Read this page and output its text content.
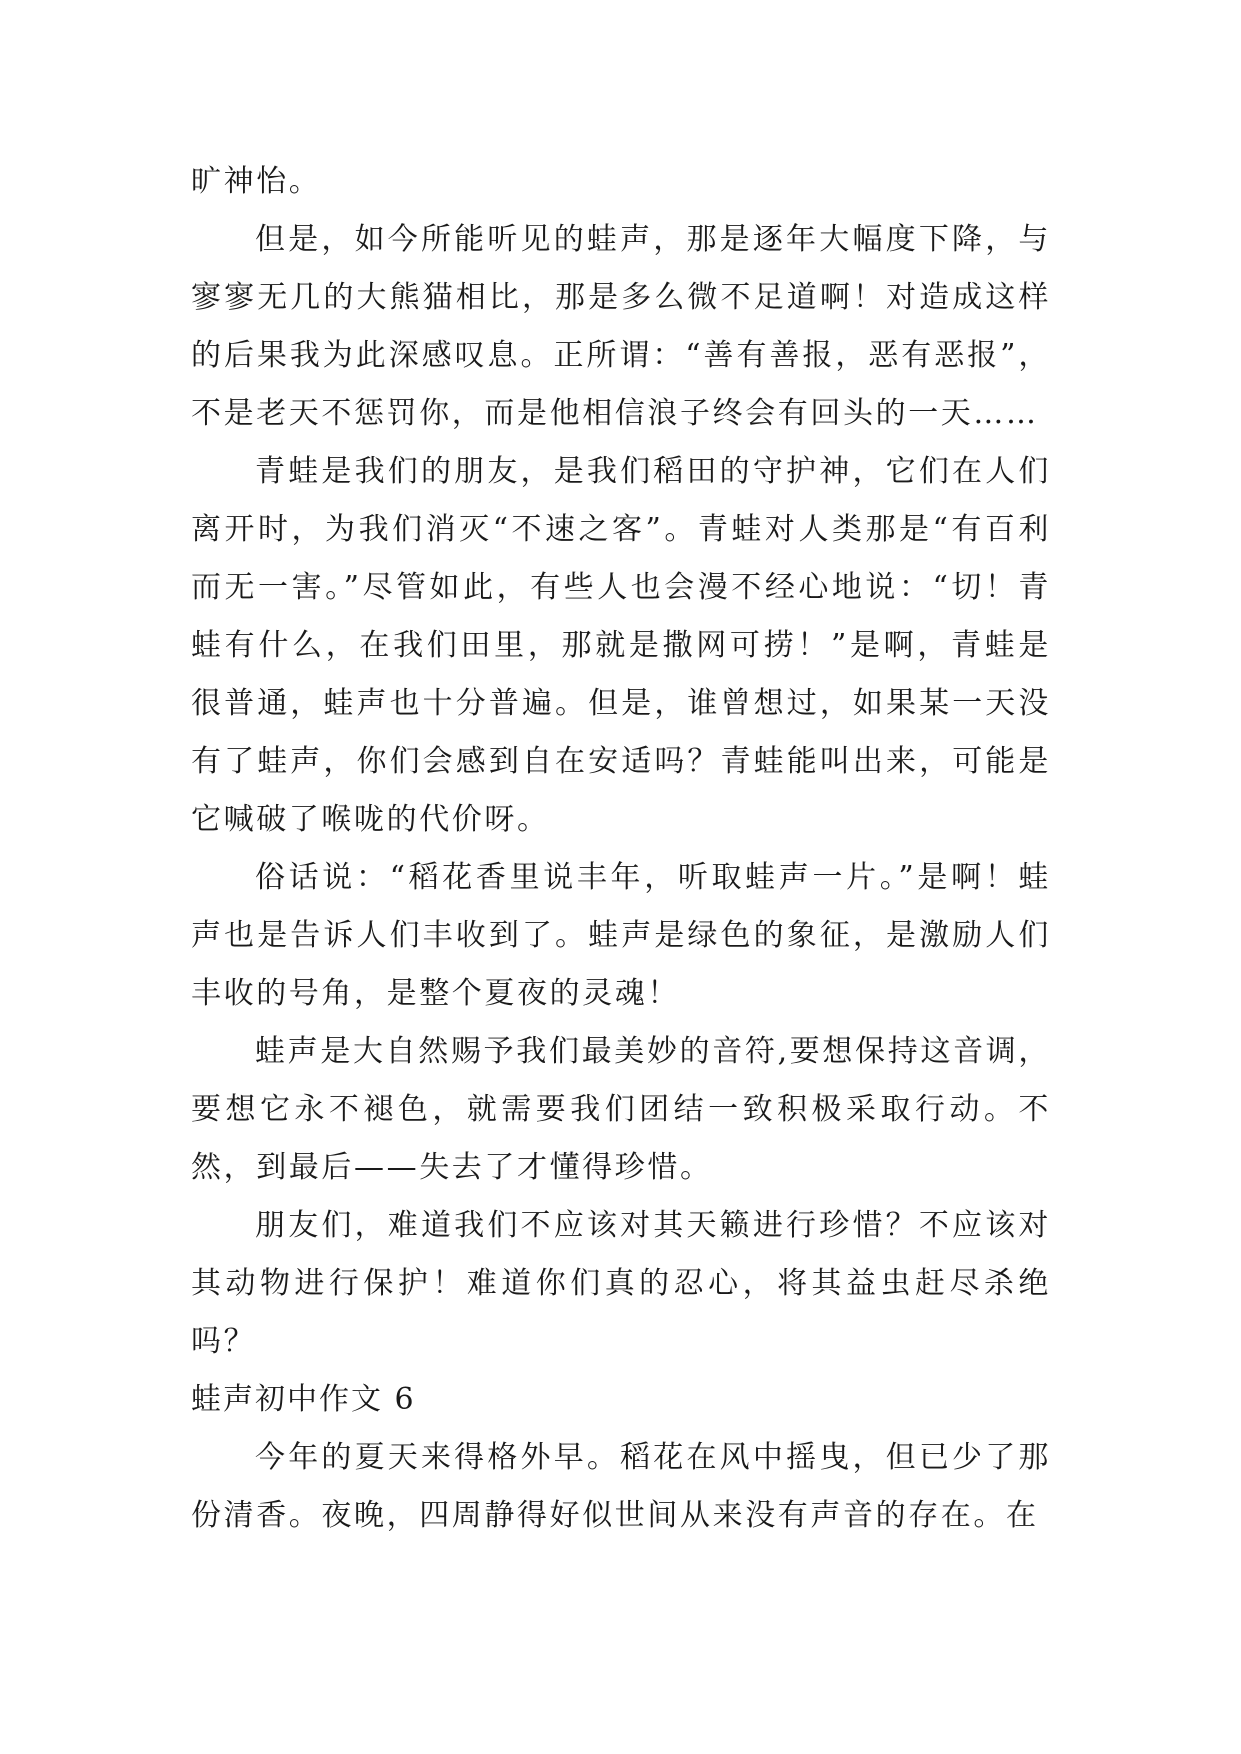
旷神怡。

但是，如今所能听见的蛙声，那是逐年大幅度下降，与寥寥无几的大熊猫相比，那是多么微不足道啊！对造成这样的后果我为此深感叹息。正所谓：“善有善报，恶有恶报”，不是老天不惩罚你，而是他相信浪子终会有回头的一天……

青蛙是我们的朋友，是我们稻田的守护神，它们在人们离开时，为我们消灭“不速之客”。青蛙对人类那是“有百利而无一害。”尽管如此，有些人也会漫不经心地说：“切！青蛙有什么，在我们田里，那就是撒网可捞！”是啊，青蛙是很普通，蛙声也十分普遍。但是，谁曾想过，如果某一天没有了蛙声，你们会感到自在安适吗？青蛙能叫出来，可能是它喊破了喉咙的代价呀。

俗话说：“稻花香里说丰年，听取蛙声一片。”是啊！蛙声也是告诉人们丰收到了。蛙声是绿色的象征，是激励人们丰收的号角，是整个夏夜的灵魂！

蛙声是大自然赐予我们最美妙的音符,要想保持这音调，要想它永不褪色，就需要我们团结一致积极采取行动。不然，到最后——失去了才懂得珍惜。

朋友们，难道我们不应该对其天籁进行珍惜？不应该对其动物进行保护！难道你们真的忍心，将其益虫赶尽杀绝吗？

蛙声初中作文 6

今年的夏天来得格外早。稻花在风中摇曳，但已少了那份清香。夜晚，四周静得好似世间从来没有声音的存在。在
